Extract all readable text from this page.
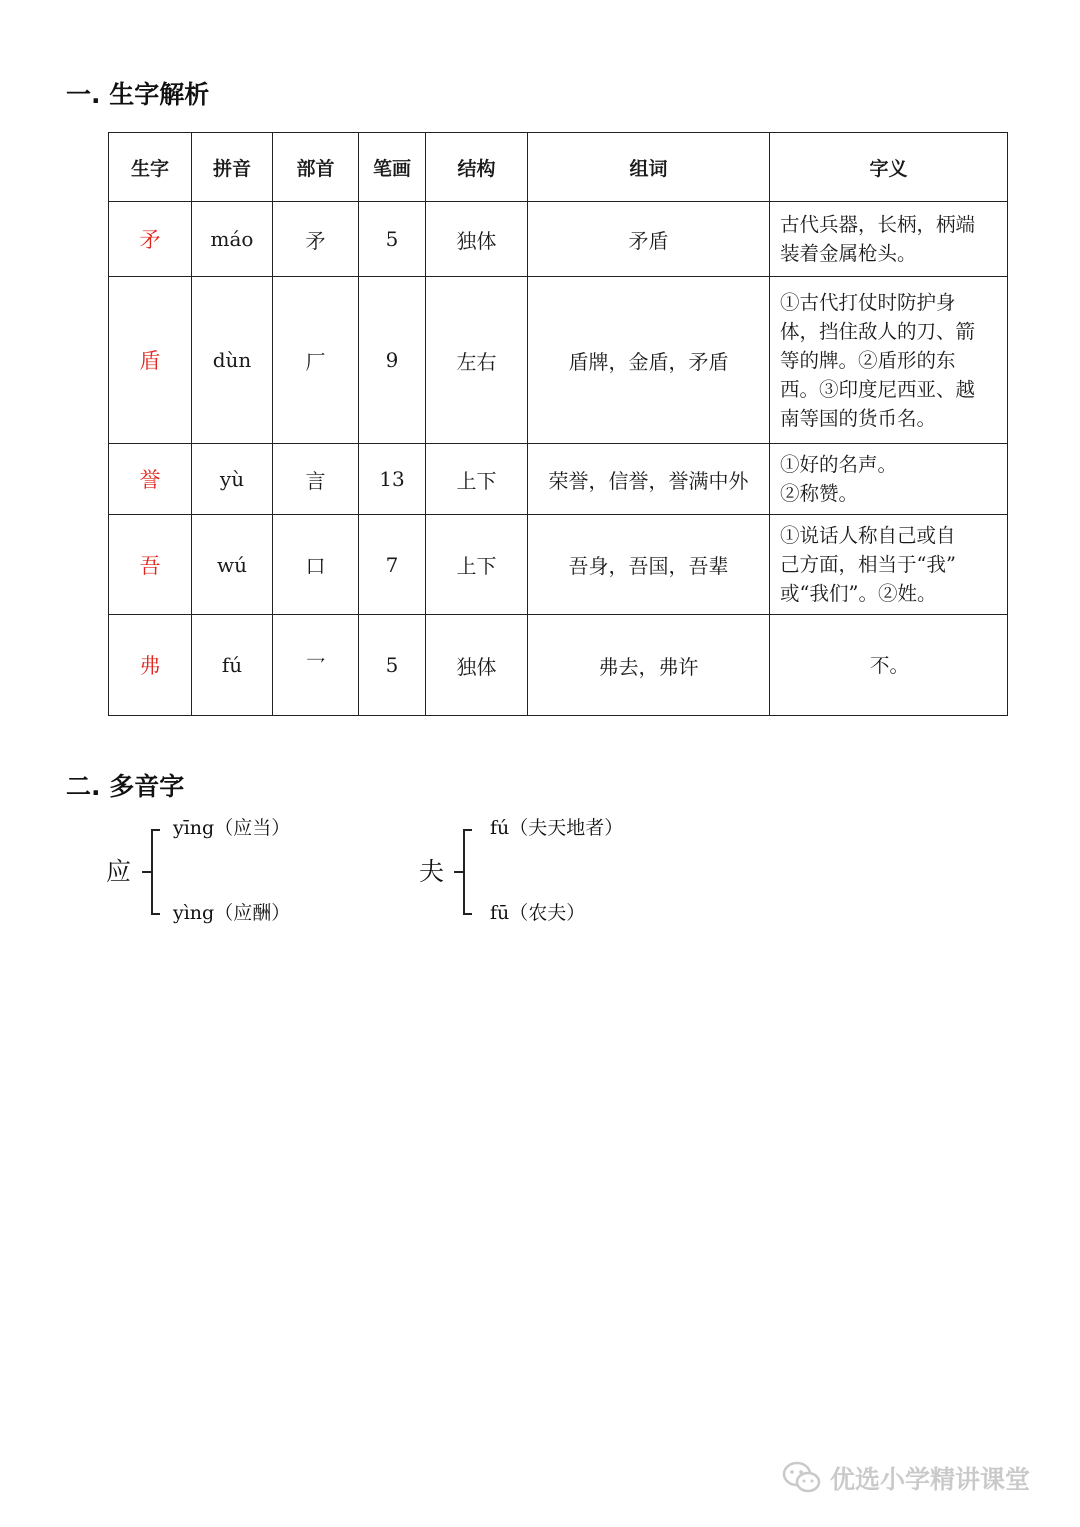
一. 生字解析
生字	拼音	部首	笔画	结构	组词	字义
矛	máo	矛	5	独体	矛盾	古代兵器，长柄，柄端
装着金属枪头。

盾	dùn	厂	9	左右	盾牌，金盾，矛盾	①古代打仗时防护身
体，挡住敌人的刀、箭
等的牌。②盾形的东
西。③印度尼西亚、越
南等国的货币名。

誉	yù	言	13	上下	荣誉，信誉，誉满中外	①好的名声。
②称赞。

吾	wú	口	7	上下	吾身，吾国，吾辈	①说话人称自己或自
己方面，相当于“我”
或“我们”。②姓。

弗	fú	乛	5	独体	弗去，弗许	不。
二. 多音字
应
yīng（应当）
yìng（应酬）
夫
fú（夫天地者）
fū（农夫）
优选小学精讲课堂
